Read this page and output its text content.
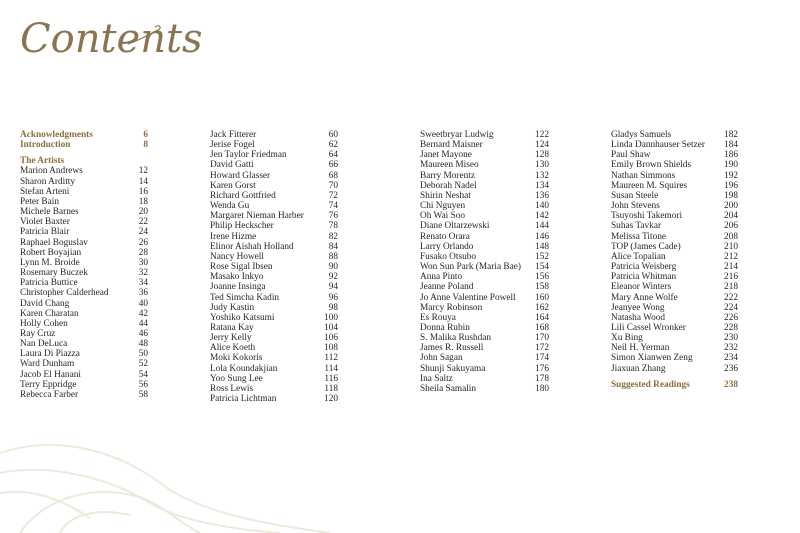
Contents
Acknowledgments	6
Introduction	8
The Artists
Marion Andrews	12
Sharon Arditty	14
Stefan Arteni	16
Peter Bain	18
Michele Barnes	20
Violet Baxter	22
Patricia Blair	24
Raphael Boguslav	26
Robert Boyajian	28
Lynn M. Broide	30
Rosemary Buczek	32
Patricia Buttice	34
Christopher Calderhead	36
David Chang	40
Karen Charatan	42
Holly Cohen	44
Ray Cruz	46
Nan DeLuca	48
Laura Di Piazza	50
Ward Dunham	52
Jacob El Hanani	54
Terry Eppridge	56
Rebecca Farber	58
Jack Fitterer	60
Jerise Fogel	62
Jen Taylor Friedman	64
David Gatti	66
Howard Glasser	68
Karen Gorst	70
Richard Gottfried	72
Wenda Gu	74
Margaret Nieman Harber	76
Philip Heckscher	78
Irene Hizme	82
Elinor Aishah Holland	84
Nancy Howell	88
Rose Sigal Ibsen	90
Masako Inkyo	92
Joanne Insinga	94
Ted Simcha Kadin	96
Judy Kastin	98
Yoshiko Katsumi	100
Ratana Kay	104
Jerry Kelly	106
Alice Koeth	108
Moki Kokoris	112
Lola Koundakjian	114
Yoo Sung Lee	116
Ross Lewis	118
Patricia Lichtman	120
Sweetbryar Ludwig	122
Bernard Maisner	124
Janet Mayone	128
Maureen Miseo	130
Barry Morentz	132
Deborah Nadel	134
Shirin Neshat	136
Chi Nguyen	140
Oh Wai Soo	142
Diane Oltarzewski	144
Renato Orara	146
Larry Orlando	148
Fusako Otsubo	152
Won Sun Park (Maria Bae) 154
Anna Pinto	156
Jeanne Poland	158
Jo Anne Valentine Powell 160
Marcy Robinson	162
Es Rouya	164
Donna Rubin	168
S. Malika Rushdan	170
James R. Russell	172
John Sagan	174
Shunji Sakuyama	176
Ina Saltz	178
Sheila Samalin	180
Gladys Samuels	182
Linda Dannhauser Setzer 184
Paul Shaw	186
Emily Brown Shields	190
Nathan Simmons	192
Maureen M. Squires	196
Susan Steele	198
John Stevens	200
Tsuyoshi Takemori	204
Suhas Tavkar	206
Melissa Titone	208
TOP (James Cade)	210
Alice Topalian	212
Patricia Weisberg	214
Patricia Whitman	216
Eleanor Winters	218
Mary Anne Wolfe	222
Jeanyee Wong	224
Natasha Wood	226
Lili Cassel Wronker	228
Xu Bing	230
Neil H. Yerman	232
Simon Xianwen Zeng	234
Jiaxuan Zhang	236
Suggested Readings	238
